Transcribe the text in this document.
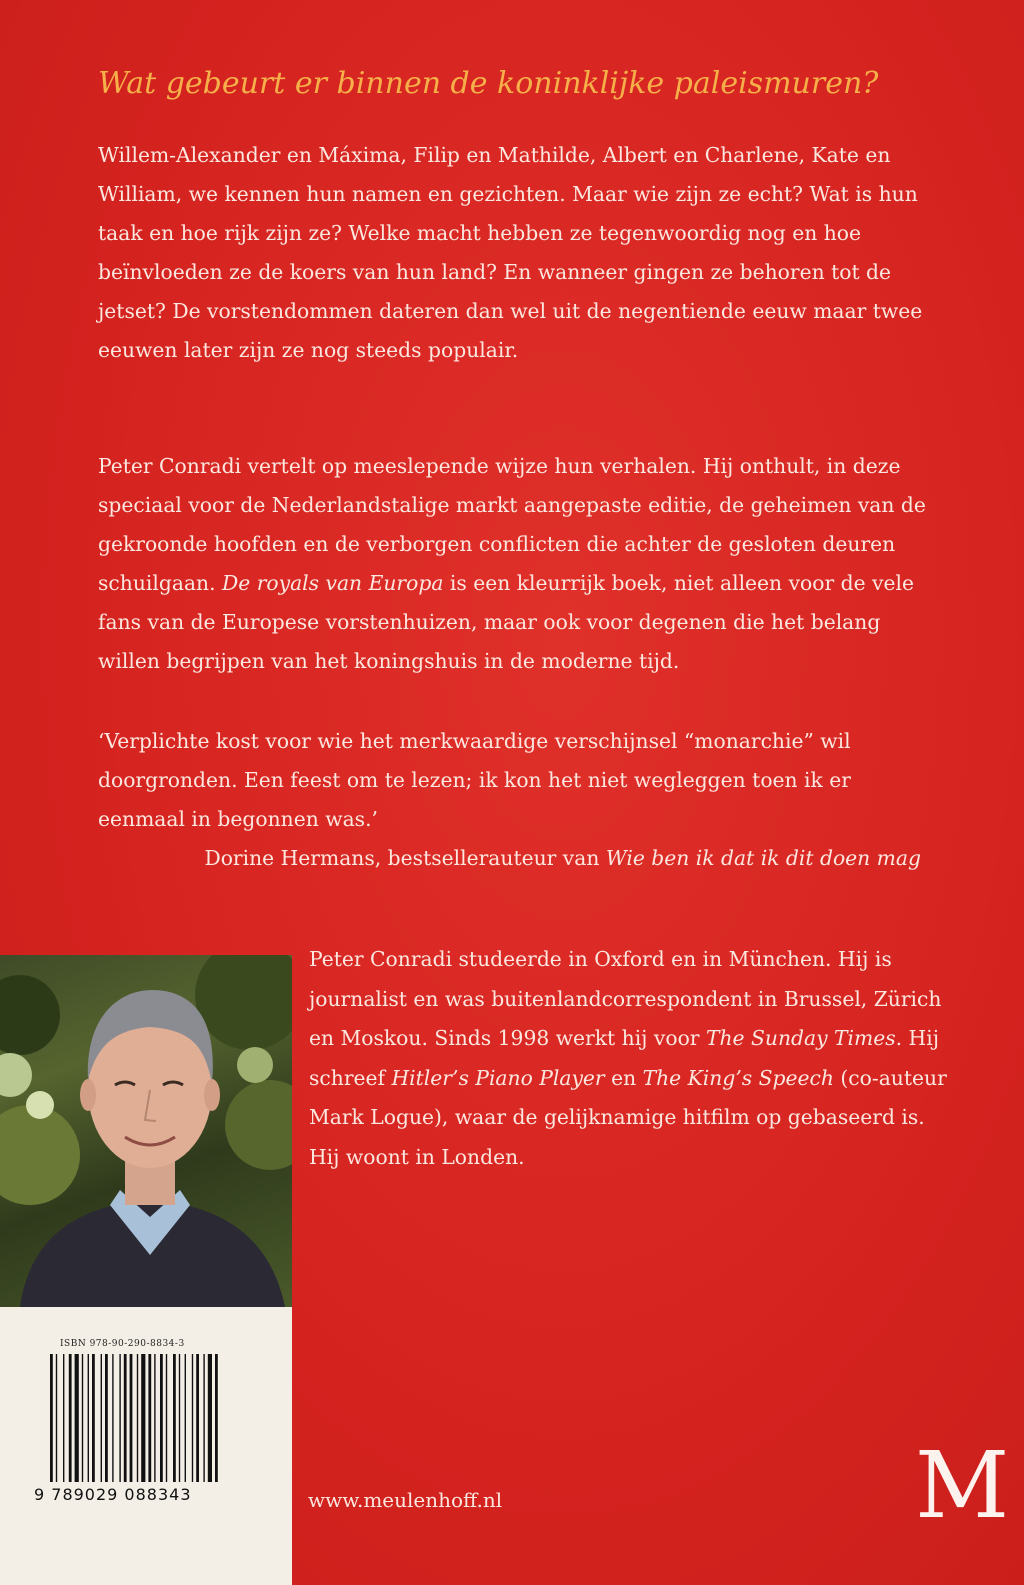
Wat gebeurt er binnen de koninklijke paleismuren?

Willem-Alexander en Máxima, Filip en Mathilde, Albert en Charlene, Kate en William, we kennen hun namen en gezichten. Maar wie zijn ze echt? Wat is hun taak en hoe rijk zijn ze? Welke macht hebben ze tegenwoordig nog en hoe beïnvloeden ze de koers van hun land? En wanneer gingen ze behoren tot de jetset? De vorstendommen dateren dan wel uit de negentiende eeuw maar twee eeuwen later zijn ze nog steeds populair.

Peter Conradi vertelt op meeslepende wijze hun verhalen. Hij onthult, in deze speciaal voor de Nederlandstalige markt aangepaste editie, de geheimen van de gekroonde hoofden en de verborgen conflicten die achter de gesloten deuren schuilgaan. De royals van Europa is een kleurrijk boek, niet alleen voor de vele fans van de Europese vorstenhuizen, maar ook voor degenen die het belang willen begrijpen van het koningshuis in de moderne tijd.

‘Verplichte kost voor wie het merkwaardige verschijnsel “monarchie” wil doorgronden. Een feest om te lezen; ik kon het niet wegleggen toen ik er eenmaal in begonnen was.’

Dorine Hermans, bestsellerauteur van Wie ben ik dat ik dit doen mag
Peter Conradi studeerde in Oxford en in München. Hij is journalist en was buitenlandcorrespondent in Brussel, Zürich en Moskou. Sinds 1998 werkt hij voor The Sunday Times. Hij schreef Hitler’s Piano Player en The King’s Speech (co-auteur Mark Logue), waar de gelijknamige hitfilm op gebaseerd is. Hij woont in Londen.
ISBN 978-90-290-8834-3
9 789029 088343	www.meulenhoff.nl	M
